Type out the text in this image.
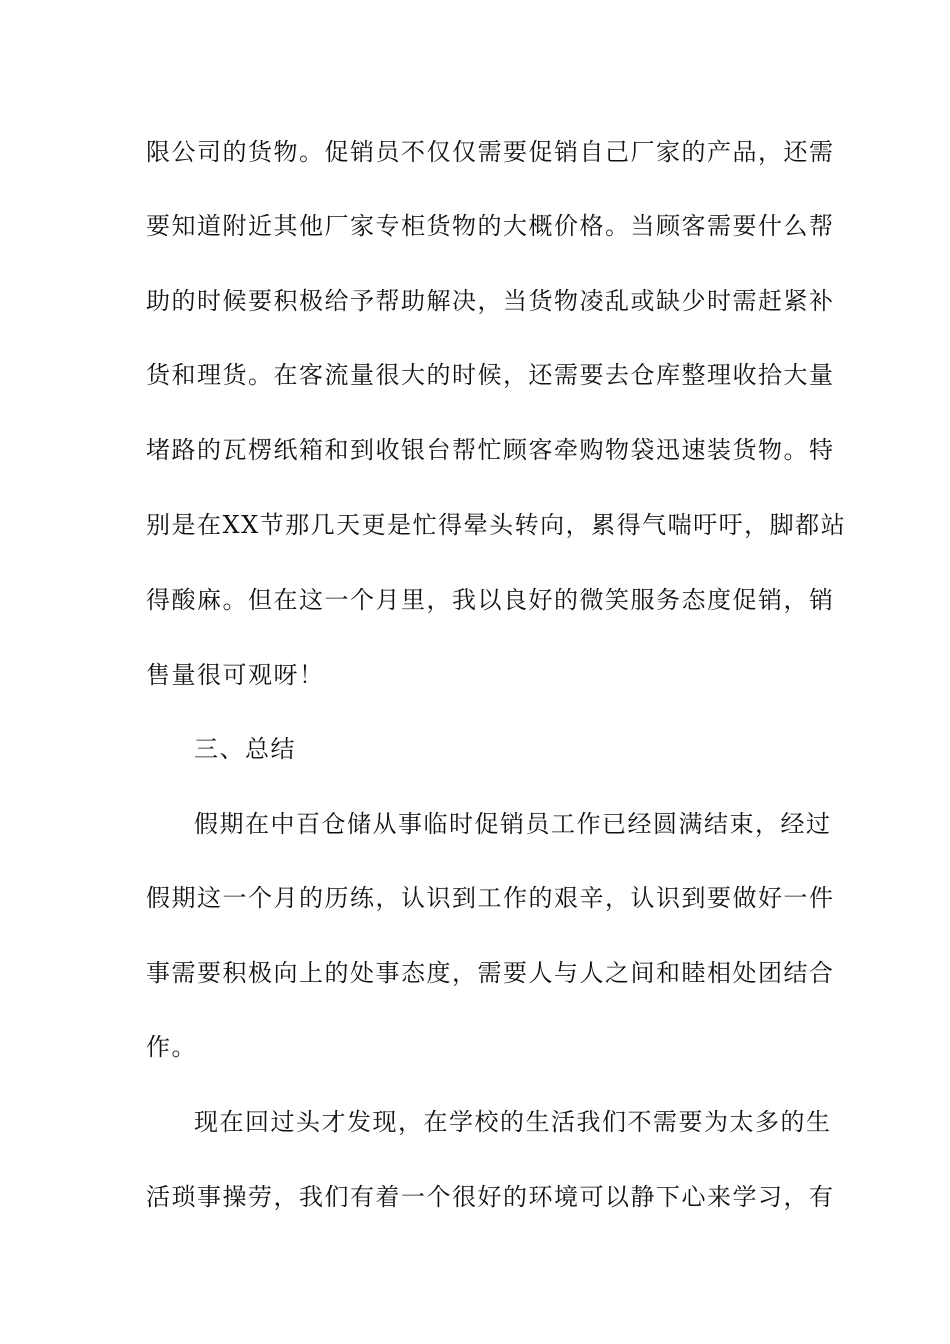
限公司的货物。促销员不仅仅需要促销自己厂家的产品，还需
要知道附近其他厂家专柜货物的大概价格。当顾客需要什么帮
助的时候要积极给予帮助解决，当货物凌乱或缺少时需赶紧补
货和理货。在客流量很大的时候，还需要去仓库整理收拾大量
堵路的瓦楞纸箱和到收银台帮忙顾客牵购物袋迅速装货物。特
别是在XX节那几天更是忙得晕头转向，累得气喘吁吁，脚都站
得酸麻。但在这一个月里，我以良好的微笑服务态度促销，销
售量很可观呀！
三、总结
假期在中百仓储从事临时促销员工作已经圆满结束，经过
假期这一个月的历练，认识到工作的艰辛，认识到要做好一件
事需要积极向上的处事态度，需要人与人之间和睦相处团结合
作。
现在回过头才发现，在学校的生活我们不需要为太多的生
活琐事操劳，我们有着一个很好的环境可以静下心来学习，有
